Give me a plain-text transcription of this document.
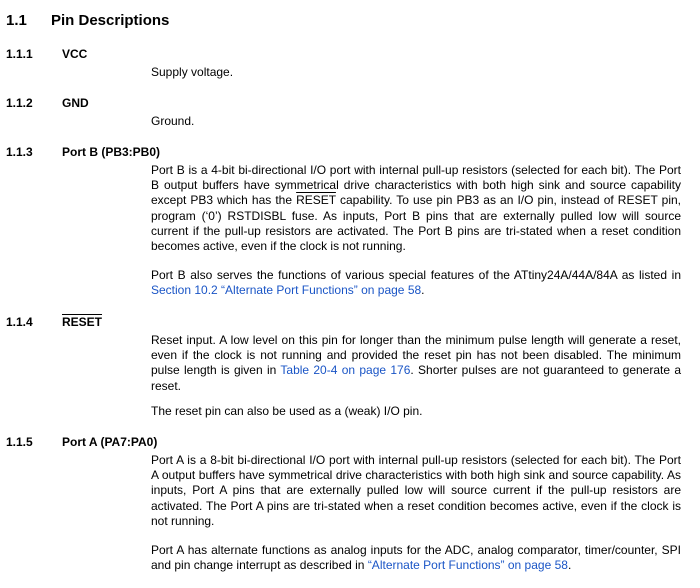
1.1 Pin Descriptions
1.1.1 VCC

Supply voltage.

1.1.2 GND

Ground.

1.1.3 Port B (PB3:PB0)

Port B is a 4-bit bi-directional I/O port with internal pull-up resistors (selected for each bit). The Port B output buffers have symmetrical drive characteristics with both high sink and source capability except PB3 which has the RESET capability. To use pin PB3 as an I/O pin, instead of RESET pin, program (‘0’) RSTDISBL fuse. As inputs, Port B pins that are externally pulled low will source current if the pull-up resistors are activated. The Port B pins are tri-stated when a reset condition becomes active, even if the clock is not running.

Port B also serves the functions of various special features of the ATtiny24A/44A/84A as listed in Section 10.2 “Alternate Port Functions” on page 58.

1.1.4 RESET

Reset input. A low level on this pin for longer than the minimum pulse length will generate a reset, even if the clock is not running and provided the reset pin has not been disabled. The minimum pulse length is given in Table 20-4 on page 176. Shorter pulses are not guaranteed to generate a reset.

The reset pin can also be used as a (weak) I/O pin.

1.1.5 Port A (PA7:PA0)

Port A is a 8-bit bi-directional I/O port with internal pull-up resistors (selected for each bit). The Port A output buffers have symmetrical drive characteristics with both high sink and source capability. As inputs, Port A pins that are externally pulled low will source current if the pull-up resistors are activated. The Port A pins are tri-stated when a reset condition becomes active, even if the clock is not running.

Port A has alternate functions as analog inputs for the ADC, analog comparator, timer/counter, SPI and pin change interrupt as described in “Alternate Port Functions” on page 58.
